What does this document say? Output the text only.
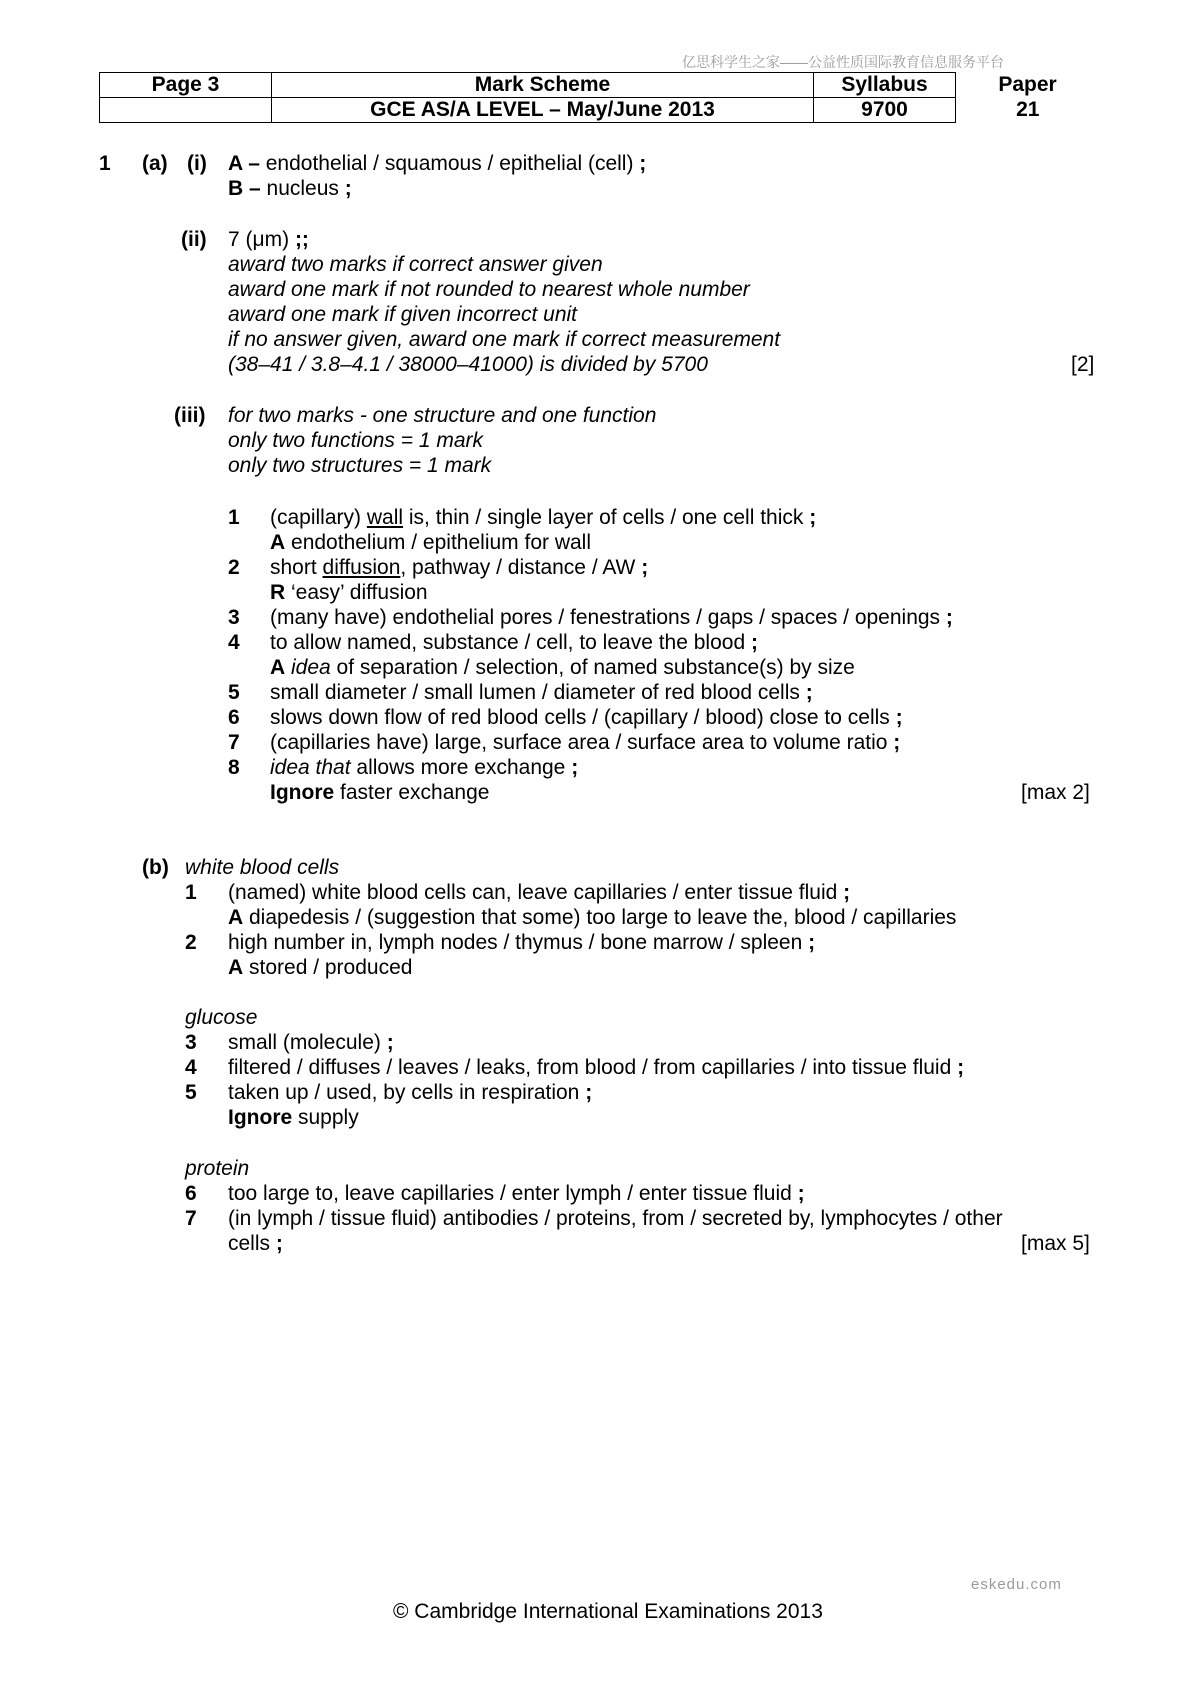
亿思科学生之家——公益性质国际教育信息服务平台
Page 3	Mark Scheme	Syllabus	Paper
	GCE AS/A LEVEL – May/June 2013	9700	21
1 (a) (i) A – endothelial / squamous / epithelial (cell) ;
B – nucleus ;
(ii) 7 (μm) ;;
award two marks if correct answer given
award one mark if not rounded to nearest whole number
award one mark if given incorrect unit
if no answer given, award one mark if correct measurement
(38–41 / 3.8–4.1 / 38000–41000) is divided by 5700	[2]
(iii) for two marks - one structure and one function
only two functions = 1 mark
only two structures = 1 mark
1 (capillary) wall is, thin / single layer of cells / one cell thick ;
A endothelium / epithelium for wall
2 short diffusion, pathway / distance / AW ;
R ‘easy’ diffusion
3 (many have) endothelial pores / fenestrations / gaps / spaces / openings ;
4 to allow named, substance / cell, to leave the blood ;
A idea of separation / selection, of named substance(s) by size
5 small diameter / small lumen / diameter of red blood cells ;
6 slows down flow of red blood cells / (capillary / blood) close to cells ;
7 (capillaries have) large, surface area / surface area to volume ratio ;
8 idea that allows more exchange ;
Ignore faster exchange	[max 2]
(b) white blood cells
1 (named) white blood cells can, leave capillaries / enter tissue fluid ;
A diapedesis / (suggestion that some) too large to leave the, blood / capillaries
2 high number in, lymph nodes / thymus / bone marrow / spleen ;
A stored / produced
glucose
3 small (molecule) ;
4 filtered / diffuses / leaves / leaks, from blood / from capillaries / into tissue fluid ;
5 taken up / used, by cells in respiration ;
Ignore supply
protein
6 too large to, leave capillaries / enter lymph / enter tissue fluid ;
7 (in lymph / tissue fluid) antibodies / proteins, from / secreted by, lymphocytes / other
cells ;	[max 5]
eskedu.com
© Cambridge International Examinations 2013
